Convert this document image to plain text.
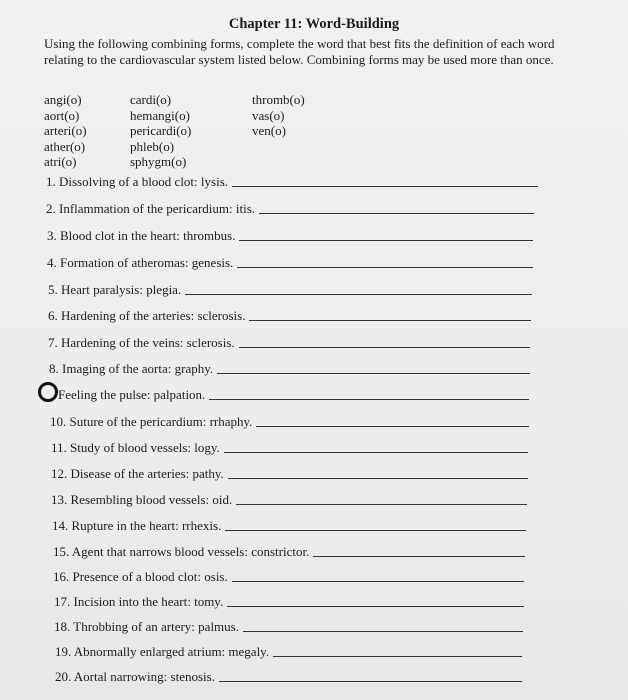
Chapter 11: Word-Building
Using the following combining forms, complete the word that best fits the definition of each word relating to the cardiovascular system listed below. Combining forms may be used more than once.
angi(o)
aort(o)
arteri(o)
ather(o)
atri(o)
cardi(o)
hemangi(o)
pericardi(o)
phleb(o)
sphygm(o)
thromb(o)
vas(o)
ven(o)
1. Dissolving of a blood clot: lysis.
2. Inflammation of the pericardium: itis.
3. Blood clot in the heart: thrombus.
4. Formation of atheromas: genesis.
5. Heart paralysis: plegia.
6. Hardening of the arteries: sclerosis.
7. Hardening of the veins: sclerosis.
8. Imaging of the aorta: graphy.
Feeling the pulse: palpation.
10. Suture of the pericardium: rrhaphy.
11. Study of blood vessels: logy.
12. Disease of the arteries: pathy.
13. Resembling blood vessels: oid.
14. Rupture in the heart: rrhexis.
15. Agent that narrows blood vessels: constrictor.
16. Presence of a blood clot: osis.
17. Incision into the heart: tomy.
18. Throbbing of an artery: palmus.
19. Abnormally enlarged atrium: megaly.
20. Aortal narrowing: stenosis.
